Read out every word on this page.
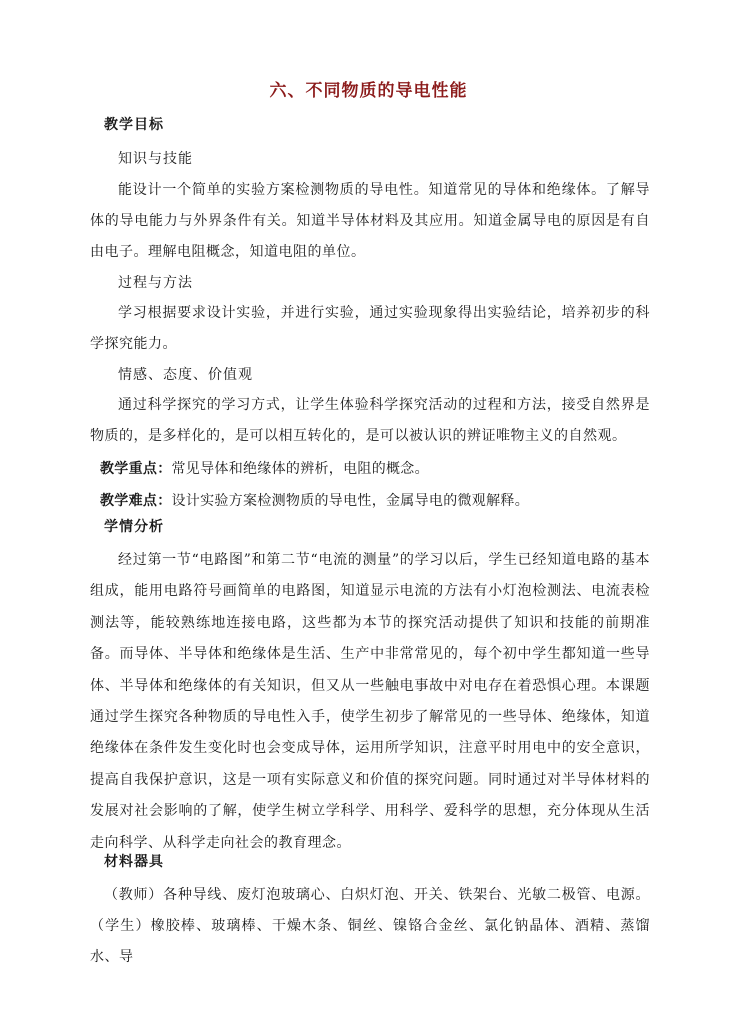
六、不同物质的导电性能
教学目标
知识与技能
能设计一个简单的实验方案检测物质的导电性。知道常见的导体和绝缘体。了解导体的导电能力与外界条件有关。知道半导体材料及其应用。知道金属导电的原因是有自由电子。理解电阻概念，知道电阻的单位。
过程与方法
学习根据要求设计实验，并进行实验，通过实验现象得出实验结论，培养初步的科学探究能力。
情感、态度、价值观
通过科学探究的学习方式，让学生体验科学探究活动的过程和方法，接受自然界是物质的，是多样化的，是可以相互转化的，是可以被认识的辨证唯物主义的自然观。
教学重点：常见导体和绝缘体的辨析，电阻的概念。
教学难点：设计实验方案检测物质的导电性，金属导电的微观解释。
学情分析
经过第一节“电路图”和第二节“电流的测量”的学习以后，学生已经知道电路的基本组成，能用电路符号画简单的电路图，知道显示电流的方法有小灯泡检测法、电流表检测法等，能较熟练地连接电路，这些都为本节的探究活动提供了知识和技能的前期准备。而导体、半导体和绝缘体是生活、生产中非常常见的，每个初中学生都知道一些导体、半导体和绝缘体的有关知识，但又从一些触电事故中对电存在着恐惧心理。本课题通过学生探究各种物质的导电性入手，使学生初步了解常见的一些导体、绝缘体，知道绝缘体在条件发生变化时也会变成导体，运用所学知识，注意平时用电中的安全意识，提高自我保护意识，这是一项有实际意义和价值的探究问题。同时通过对半导体材料的发展对社会影响的了解，使学生树立学科学、用科学、爱科学的思想，充分体现从生活走向科学、从科学走向社会的教育理念。
材料器具
（教师）各种导线、废灯泡玻璃心、白炽灯泡、开关、铁架台、光敏二极管、电源。（学生）橡胶棒、玻璃棒、干燥木条、铜丝、镍铬合金丝、氯化钠晶体、酒精、蒸馏水、导
